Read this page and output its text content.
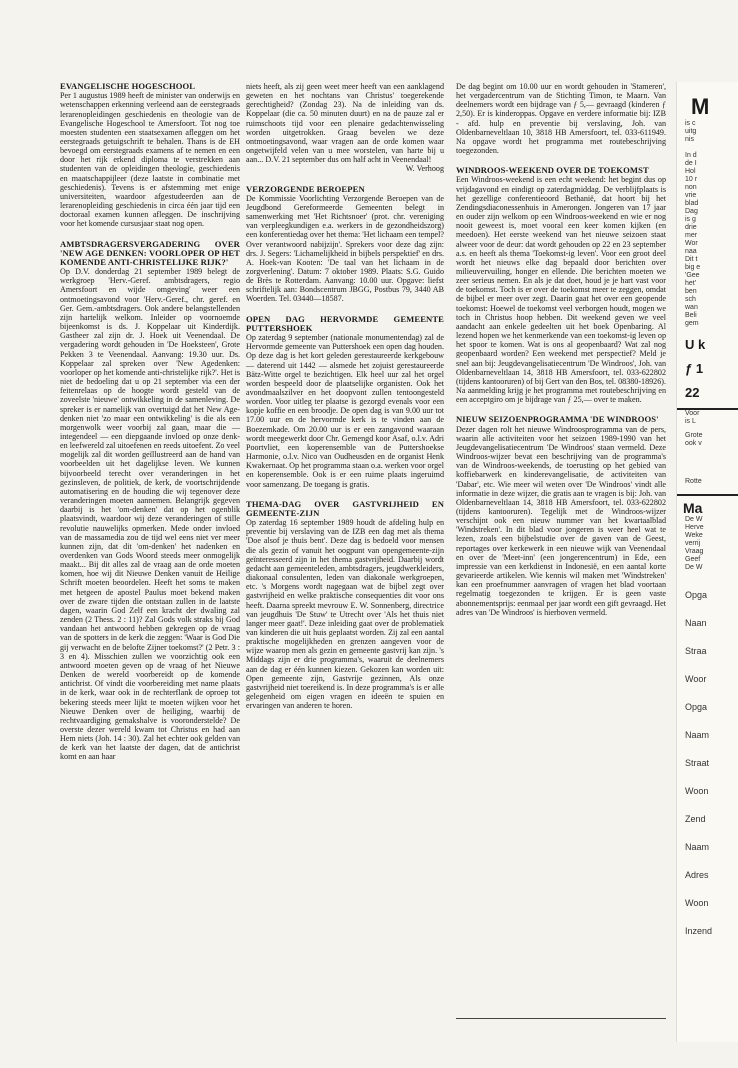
EVANGELISCHE HOGESCHOOL

Per 1 augustus 1989 heeft de minister van onderwijs en wetenschappen erkenning verleend aan de eerstegraads lerarenopleidingen geschiedenis en theologie van de Evangelische Hogeschool te Amersfoort. Tot nog toe moesten studenten een staatsexamen afleggen om het eerstegraads getuigschrift te behalen. Thans is de EH bevoegd om eerstegraads examens af te nemen en een door het rijk erkend diploma te verstrekken aan studenten van de opleidingen theologie, geschiedenis en maatschappijleer (deze laatste in combinatie met geschiedenis). Tevens is er afstemming met enige universiteiten, waardoor afgestudeerden aan de lerarenopleiding geschiedenis in circa één jaar tijd een doctoraal examen kunnen afleggen. De inschrijving voor het komende cursusjaar staat nog open.

AMBTSDRAGERSVERGADERING OVER 'NEW AGE DENKEN: VOORLOPER OP HET KOMENDE ANTI-CHRISTELIJKE RIJK?'

Op D.V. donderdag 21 september 1989 belegt de werkgroep 'Herv.-Geref. ambtsdragers, regio Amersfoort en wijde omgeving' weer een ontmoetingsavond voor 'Herv.-Geref., chr. geref. en Ger. Gem.-ambtsdragers. Ook andere belangstellenden zijn hartelijk welkom. Inleider op voornoemde bijeenkomst is ds. J. Koppelaar uit Kinderdijk. Gastheer zal zijn dr. J. Hoek uit Veenendaal. De vergadering wordt gehouden in 'De Hoeksteen', Grote Pekken 3 te Veenendaal. Aanvang: 19.30 uur. Ds. Koppelaar zal spreken over 'New Agedenken: voorloper op het komende anti-christelijke rijk?'. Het is niet de bedoeling dat u op 21 september via een der feitenrelaas op de hoogte wordt gesteld van de zoveelste 'nieuwe' ontwikkeling in de samenleving. De spreker is er namelijk van overtuigd dat het New Age-denken niet 'zo maar een ontwikkeling' is die als een morgenwolk weer voorbij zal gaan, maar die — integendeel — een diepgaande invloed op onze denk- en leefwereld zal uitoefenen en reeds uitoefent. Zo veel mogelijk zal dit worden geïllustreerd aan de hand van voorbeelden uit het dagelijkse leven. We kunnen bijvoorbeeld terecht over veranderingen in het gezinsleven, de politiek, de kerk, de voortschrijdende automatisering en de houding die wij tegenover deze veranderingen moeten aannemen. Belangrijk gegeven daarbij is het 'om-denken' dat op het ogenblik plaatsvindt, waardoor wij deze veranderingen of stille revolutie nauwelijks opmerken. Mede onder invloed van de massamedia zou de tijd wel eens niet ver meer kunnen zijn, dat dit 'om-denken' het nadenken en overdenken van Gods Woord steeds meer onmogelijk maakt... Bij dit alles zal de vraag aan de orde moeten komen, hoe wij dit Nieuwe Denken vanuit de Heilige Schrift moeten beoordelen. Heeft het soms te maken met hetgeen de apostel Paulus moet bekend maken over de zware tijden die ontstaan zullen in de laatste dagen, waarin God Zelf een kracht der dwaling zal zenden (2 Thess. 2 : 11)? Zal Gods volk straks bij God vandaan het antwoord hebben gekregen op de vraag van de spotters in de kerk die zeggen: 'Waar is God Die gij verwacht en de belofte Zijner toekomst?' (2 Petr. 3 : 3 en 4). Misschien zullen we voorzichtig ook een antwoord moeten geven op de vraag of het Nieuwe Denken de wereld voorbereidt op de komende antichrist. Of vindt die voorbereiding met name plaats in de kerk, waar ook in de rechterflank de oproep tot bekering steeds meer lijkt te moeten wijken voor het Nieuwe Denken over de heiliging, waarbij de rechtvaardiging gemakshalve is vooronderstelde? De overste dezer wereld kwam tot Christus en had aan Hem niets (Joh. 14 : 30). Zal het echter ook gelden van de kerk van het laatste der dagen, dat de antichrist komt en aan haar

niets heeft, als zij geen weet meer heeft van een aanklagend geweten en het nochtans van Christus' toegerekende gerechtigheid? (Zondag 23). Na de inleiding van ds. Koppelaar (die ca. 50 minuten duurt) en na de pauze zal er ruimschoots tijd voor een plenaire gedachtenwisseling worden uitgetrokken. Graag bevelen we deze ontmoetingsavond, waar vragen aan de orde komen waar ongetwijfeld velen van u mee worstelen, van harte bij u aan... D.V. 21 september dus om half acht in Veenendaal!

W. Verhoog

VERZORGENDE BEROEPEN

De Kommissie Voorlichting Verzorgende Beroepen van de Jeugdbond Gereformeerde Gemeenten belegt in samenwerking met 'Het Richtsnoer' (prot. chr. vereniging van verpleegkundigen e.a. werkers in de gezondheidszorg) een konferentiedag over het thema: 'Het lichaam een tempel? Over verantwoord nabijzijn'. Sprekers voor deze dag zijn: drs. J. Segers: 'Lichamelijkheid in bijbels perspektief' en drs. A. Hoek-van Kooten: 'De taal van het lichaam in de zorgverlening'. Datum: 7 oktober 1989. Plaats: S.G. Guido de Brès te Rotterdam. Aanvang: 10.00 uur. Opgave: liefst schriftelijk aan: Bondscentrum JBGG, Postbus 79, 3440 AB Woerden. Tel. 03440—18587.

OPEN DAG HERVORMDE GEMEENTE PUTTERSHOEK

Op zaterdag 9 september (nationale monumentendag) zal de Hervormde gemeente van Puttershoek een open dag houden. Op deze dag is het kort geleden gerestaureerde kerkgebouw — daterend uit 1442 — alsmede het zojuist gerestaureerde Bätz-Witte orgel te bezichtigen. Elk heel uur zal het orgel worden bespeeld door de plaatselijke organisten. Ook het avondmaalszilver en het doopvont zullen tentoongesteld worden. Voor uitleg ter plaatse is gezorgd evenals voor een kopje koffie en een broodje. De open dag is van 9.00 uur tot 17.00 uur en de hervormde kerk is te vinden aan de Boezemkade. Om 20.00 uur is er een zangavond waaraan wordt meegewerkt door Chr. Gemengd koor Asaf, o.l.v. Adri Poortvliet, een koperensemble van de Puttershoekse Harmonie, o.l.v. Nico van Oudheusden en de organist Henk Kwakernaat. Op het programma staan o.a. werken voor orgel en koperensemble. Ook is er een ruime plaats ingeruimd voor samenzang. De toegang is gratis.

THEMA-DAG OVER GASTVRIJHEID EN GEMEENTE-ZIJN

Op zaterdag 16 september 1989 houdt de afdeling hulp en preventie bij verslaving van de IZB een dag met als thema 'Doe alsof je thuis bent'. Deze dag is bedoeld voor mensen die als gezin of vanuit het oogpunt van opengemeente-zijn geïnteresseerd zijn in het thema gastvrijheid. Daarbij wordt gedacht aan gemeenteleden, ambtsdragers, jeugdwerkleiders, diakonaal consulenten, leden van diakonale werkgroepen, etc. 's Morgens wordt nagegaan wat de bijbel zegt over gastvrijheid en welke praktische consequenties dit voor ons heeft. Daarna spreekt mevrouw E. W. Sonnenberg, directrice van jeugdhuis 'De Stuw' te Utrecht over 'Als het thuis niet langer meer gaat!'. Deze inleiding gaat over de problematiek van kinderen die uit huis geplaatst worden. Zij zal een aantal praktische mogelijkheden en grenzen aangeven voor de wijze waarop men als gezin en gemeente gastvrij kan zijn. 's Middags zijn er drie programma's, waaruit de deelnemers aan de dag er één kunnen kiezen. Gekozen kan worden uit: Open gemeente zijn, Gastvrije gezinnen, Als onze gastvrijheid niet toereikend is. In deze programma's is er alle gelegenheid om eigen vragen en ideeën te spuien en ervaringen van anderen te horen.

De dag begint om 10.00 uur en wordt gehouden in 'Stameren', het vergadercentrum van de Stichting Timon, te Maarn. Van deelnemers wordt een bijdrage van ƒ 5,— gevraagd (kinderen ƒ 2,50). Er is kinderoppas. Opgave en verdere informatie bij: IZB - afd. hulp en preventie bij verslaving, Joh. van Oldenbarneveltlaan 10, 3818 HB Amersfoort, tel. 033-611949. Na opgave wordt het programma met routebeschrijving toegezonden.

WINDROOS-WEEKEND OVER DE TOEKOMST

Een Windroos-weekend is een echt weekend: het begint dus op vrijdagavond en eindigt op zaterdagmiddag. De verblijfplaats is het gezellige conferentieoord Bethanië, dat hoort bij het Zendingsdiaconessenhuis in Amerongen. Jongeren van 17 jaar en ouder zijn welkom op een Windroos-weekend en wie er nog nooit geweest is, moet vooral een keer komen kijken (en meedoen). Het eerste weekend van het nieuwe seizoen staat alweer voor de deur: dat wordt gehouden op 22 en 23 september a.s. en heeft als thema 'Toekomst-ig leven'. Voor een groot deel wordt het nieuws elke dag bepaald door berichten over milieuvervuiling, honger en ellende. Die berichten moeten we zeer serieus nemen. En als je dat doet, houd je je hart vast voor de toekomst. Toch is er over de toekomst meer te zeggen, omdat de bijbel er meer over zegt. Daarin gaat het over een geopende toekomst: Hoewel de toekomst veel verborgen houdt, mogen we toch in Christus hoop hebben. Dit weekend geven we veel aandacht aan enkele gedeelten uit het boek Openbaring. Al lezend hopen we het kenmerkende van een toekomst-ig leven op het spoor te komen. Wat is ons al geopenbaard? Wat zal nog geopenbaard worden? Een weekend met perspectief? Meld je snel aan bij: Jeugdevangelisatiecentrum 'De Windroos', Joh. van Oldenbarneveltlaan 14, 3818 HB Amersfoort, tel. 033-622802 (tijdens kantooruren) of bij Gert van den Bos, tel. 08380-18926). Na aanmelding krijg je het programma met routebeschrijving en een acceptgiro om je bijdrage van ƒ 25,— over te maken.

NIEUW SEIZOENPROGRAMMA 'DE WINDROOS'

Dezer dagen rolt het nieuwe Windroosprogramma van de pers, waarin alle activiteiten voor het seizoen 1989-1990 van het Jeugdevangelisatiecentrum 'De Windroos' staan vermeld. Deze Windroos-wijzer bevat een beschrijving van de programma's van de Windroos-weekends, de toerusting op het gebied van koffiebarwerk en kinderevangelisatie, de activiteiten van 'Dabar', etc. Wie meer wil weten over 'De Windroos' vindt alle informatie in deze wijzer, die gratis aan te vragen is bij: Joh. van Oldenbarneveltlaan 14, 3818 HB Amersfoort, tel. 033-622802 (tijdens kantooruren). Tegelijk met de Windroos-wijzer verschijnt ook een nieuw nummer van het kwartaalblad 'Windstreken'. In dit blad voor jongeren is weer heel wat te lezen, zoals een bijbelstudie over de gaven van de Geest, reportages over kerkewerk in een nieuwe wijk van Veenendaal en over de 'Meet-inn' (een jongerencentrum) in Ede, een impressie van een kerkdienst in Indonesië, en een aantal korte gevarieerde artikelen. Wie kennis wil maken met 'Windstreken' kan een proefnummer aanvragen of vragen het blad voortaan regelmatig toegezonden te krijgen. Er is geen vaste abonnementsprijs: eenmaal per jaar wordt een gift gevraagd. Het adres van 'De Windroos' is hierboven vermeld.

M
is c
uitg
nis

In d
de I
Hol
10 r
non
vrie
blad
Dag
is g
drie
mer
Wor
naa
Dit t
big e
'Gee
het'
ben
sch
wan
Beli
gem
U k
ƒ 1
22
Voor
is L
Grote
ook v
Rotte
Ma
De W
Herve
Weke
verrij
Vraag
Geef
De W
Opga
Naan
Straa
Woor
Opga
Naam
Straat
Woon
Zend
Naam
Adres
Woon
Inzend
